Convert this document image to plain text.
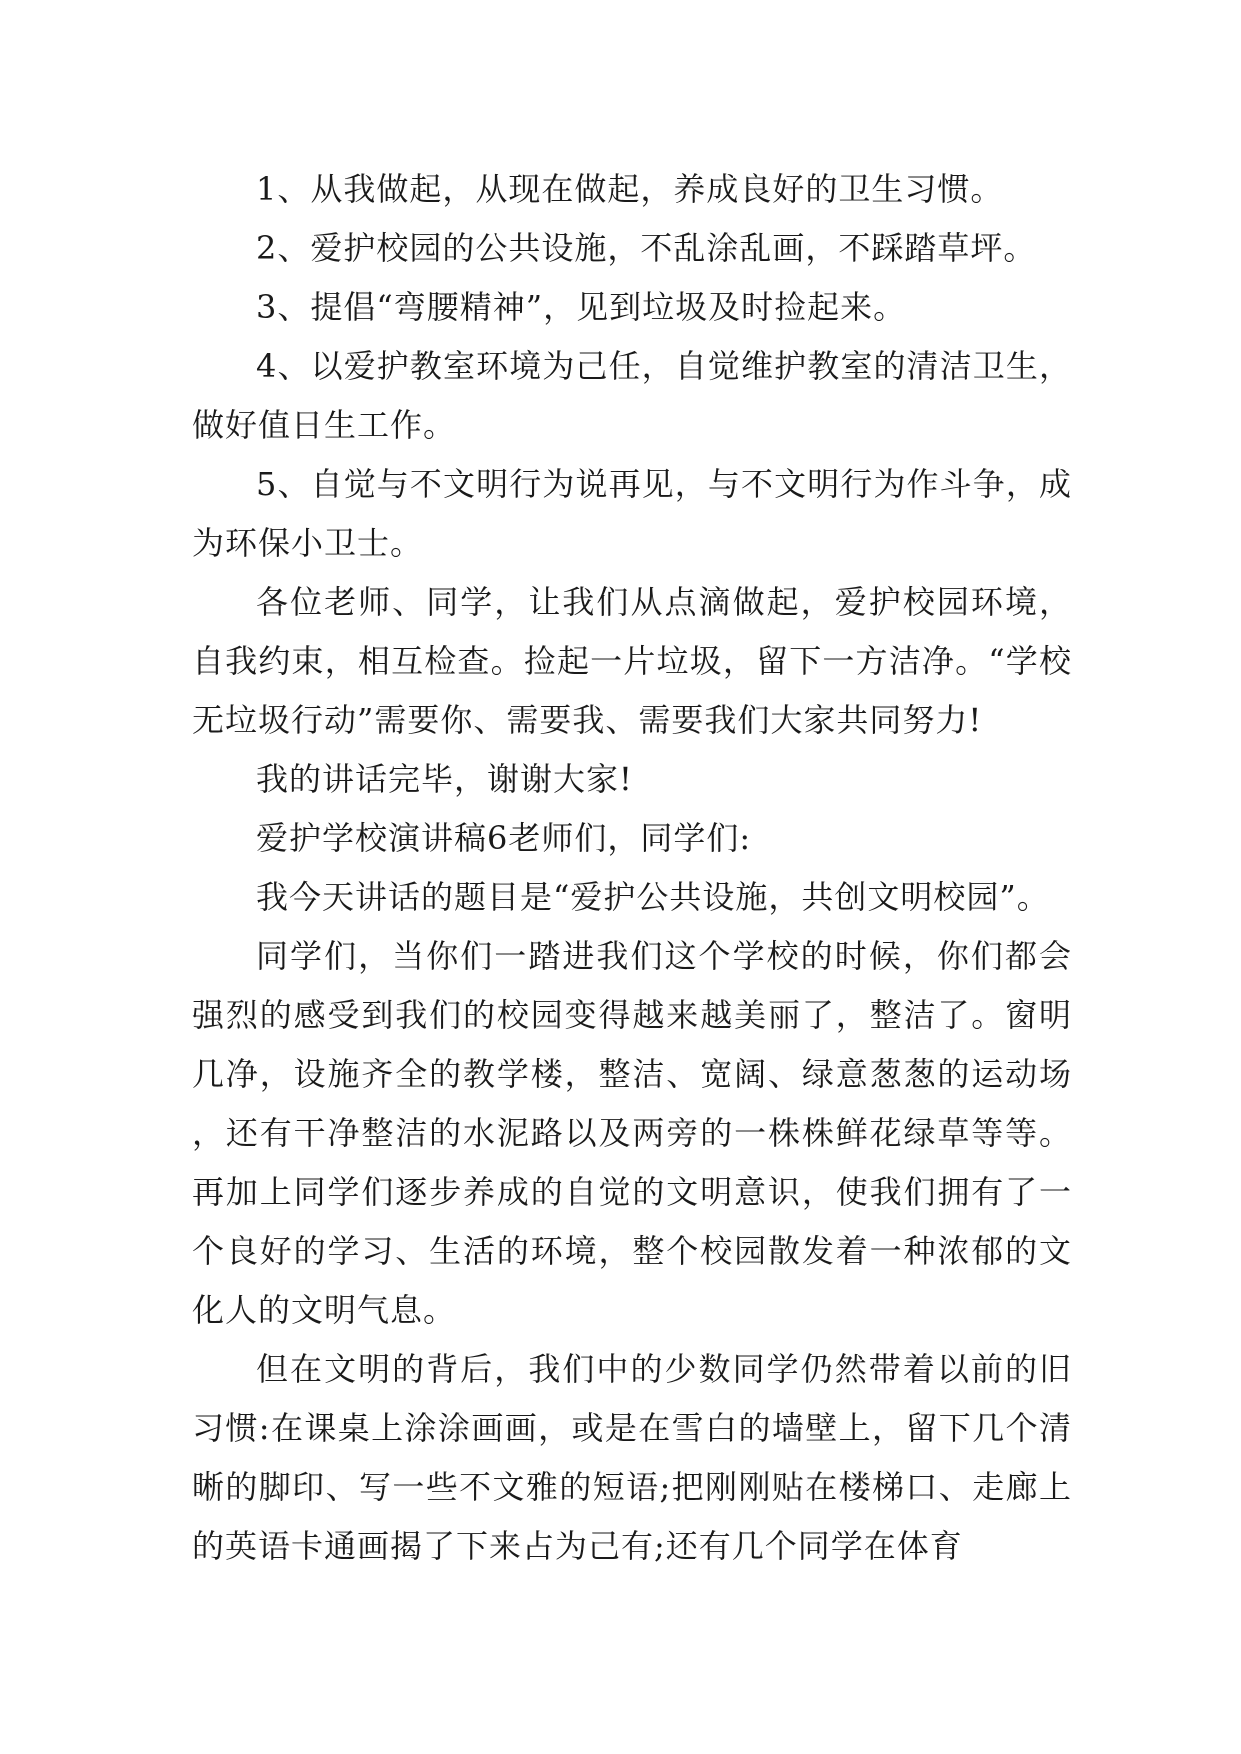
1、从我做起，从现在做起，养成良好的卫生习惯。

2、爱护校园的公共设施，不乱涂乱画，不踩踏草坪。

3、提倡“弯腰精神”，见到垃圾及时捡起来。

4、以爱护教室环境为己任，自觉维护教室的清洁卫生，做好值日生工作。

5、自觉与不文明行为说再见，与不文明行为作斗争，成为环保小卫士。

各位老师、同学，让我们从点滴做起，爱护校园环境，自我约束，相互检查。捡起一片垃圾，留下一方洁净。“学校无垃圾行动”需要你、需要我、需要我们大家共同努力!

我的讲话完毕，谢谢大家!

爱护学校演讲稿6老师们，同学们:

我今天讲话的题目是“爱护公共设施，共创文明校园”。

同学们，当你们一踏进我们这个学校的时候，你们都会强烈的感受到我们的校园变得越来越美丽了，整洁了。窗明几净，设施齐全的教学楼，整洁、宽阔、绿意葱葱的运动场，还有干净整洁的水泥路以及两旁的一株株鲜花绿草等等。再加上同学们逐步养成的自觉的文明意识，使我们拥有了一个良好的学习、生活的环境，整个校园散发着一种浓郁的文化人的文明气息。

但在文明的背后，我们中的少数同学仍然带着以前的旧习惯:在课桌上涂涂画画，或是在雪白的墙壁上，留下几个清晰的脚印、写一些不文雅的短语;把刚刚贴在楼梯口、走廊上的英语卡通画揭了下来占为己有;还有几个同学在体育
